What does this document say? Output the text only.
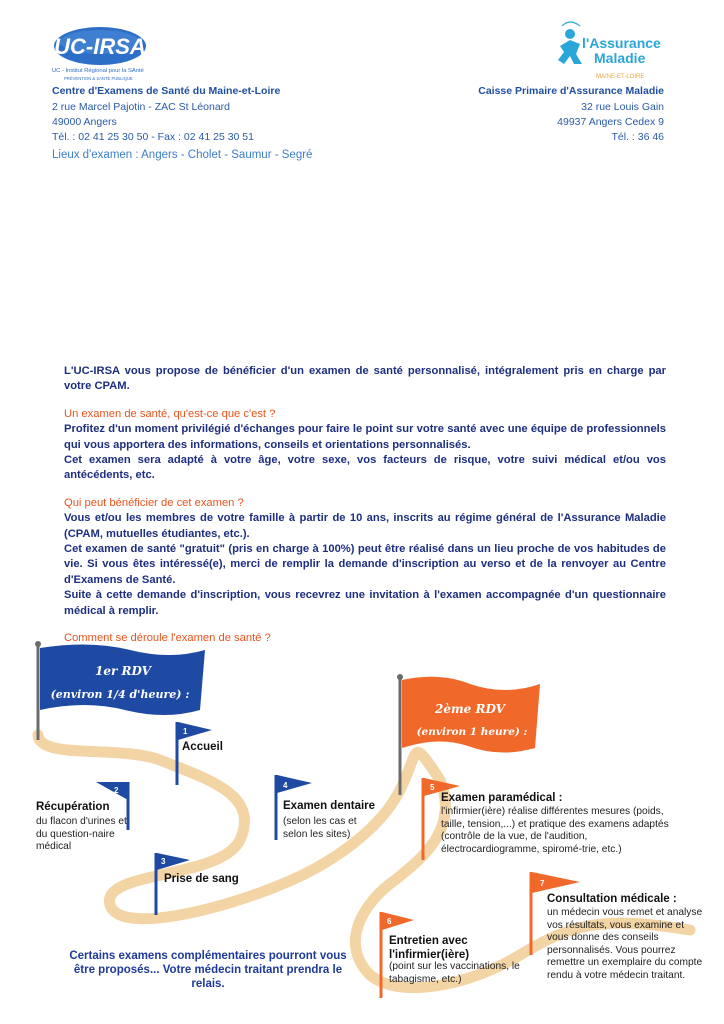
UC-IRSA
UC - Institut Régional pour la SAnté
PRÉVENTION & SANTÉ PUBLIQUE
Centre d'Examens de Santé du Maine-et-Loire
2 rue Marcel Pajotin - ZAC St Léonard
49000 Angers
Tél. : 02 41 25 30 50 - Fax : 02 41 25 30 51
Lieux d'examen : Angers - Cholet - Saumur - Segré
l'Assurance
Maladie
MAINE-ET-LOIRE
Caisse Primaire d'Assurance Maladie
32 rue Louis Gain
49937 Angers Cedex 9
Tél. : 36 46

L'UC-IRSA vous propose de bénéficier d'un examen de santé personnalisé, intégralement pris en charge par votre CPAM.

Un examen de santé, qu'est-ce que c'est ?

Profitez d'un moment privilégié d'échanges pour faire le point sur votre santé avec une équipe de professionnels qui vous apportera des informations, conseils et orientations personnalisés.

Cet examen sera adapté à votre âge, votre sexe, vos facteurs de risque, votre suivi médical et/ou vos antécédents, etc.

Qui peut bénéficier de cet examen ?

Vous et/ou les membres de votre famille à partir de 10 ans, inscrits au régime général de l'Assurance Maladie (CPAM, mutuelles étudiantes, etc.).

Cet examen de santé "gratuit" (pris en charge à 100%) peut être réalisé dans un lieu proche de vos habitudes de vie. Si vous êtes intéressé(e), merci de remplir la demande d'inscription au verso et de la renvoyer au Centre d'Examens de Santé.

Suite à cette demande d'inscription, vous recevrez une invitation à l'examen accompagnée d'un questionnaire médical à remplir.

Comment se déroule l'examen de santé ?

1
2
3
4	5
6
7
1er RDV
(environ 1/4 d'heure) :
2ème RDV
(environ 1 heure) :
Accueil
Récupération
du flacon d'urines et du question-naire médical
Prise de sang
Examen dentaire
(selon les cas et selon les sites)
Examen paramédical :
l'infirmier(ière) réalise différentes mesures (poids, taille, tension,...) et pratique des examens adaptés (contrôle de la vue, de l'audition, électrocardiogramme, spiromé-trie, etc.)
Entretien avec l'infirmier(ière)
(point sur les vaccinations, le tabagisme, etc.)
Consultation médicale :
un médecin vous remet et analyse vos résultats, vous examine et vous donne des conseils personnalisés. Vous pourrez remettre un exemplaire du compte rendu à votre médecin traitant.
Certains examens complémentaires pourront vous être proposés... Votre médecin traitant prendra le relais.
